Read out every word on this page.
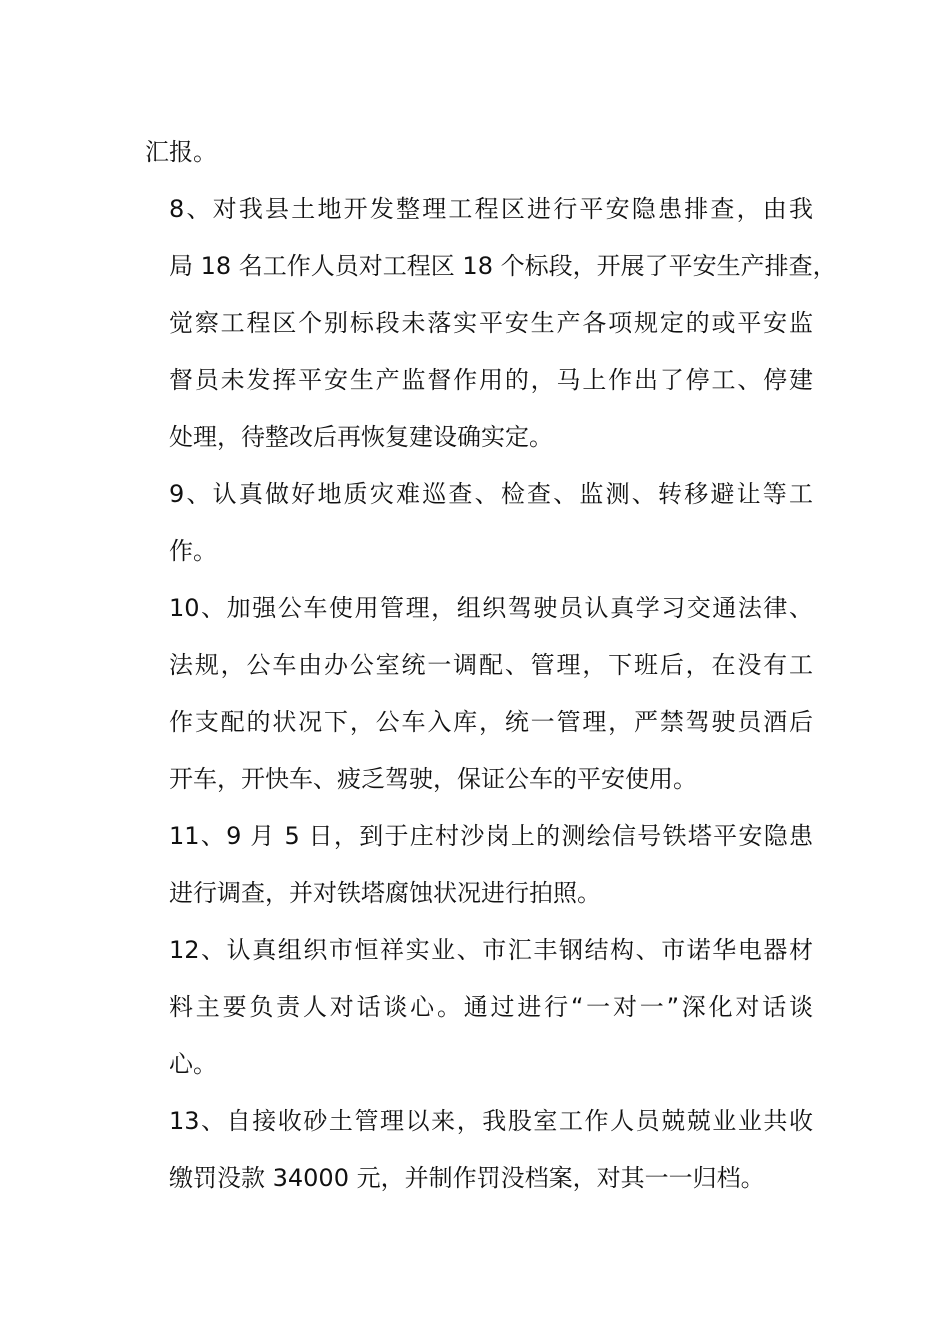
汇报。

8、对我县土地开发整理工程区进行平安隐患排查，由我
局 18 名工作人员对工程区 18 个标段，开展了平安生产排查，
觉察工程区个别标段未落实平安生产各项规定的或平安监
督员未发挥平安生产监督作用的，马上作出了停工、停建
处理，待整改后再恢复建设确实定。

9、认真做好地质灾难巡查、检查、监测、转移避让等工
作。

10、加强公车使用管理，组织驾驶员认真学习交通法律、
法规，公车由办公室统一调配、管理，下班后，在没有工
作支配的状况下，公车入库，统一管理，严禁驾驶员酒后
开车，开快车、疲乏驾驶，保证公车的平安使用。

11、9 月 5 日，到于庄村沙岗上的测绘信号铁塔平安隐患
进行调查，并对铁塔腐蚀状况进行拍照。

12、认真组织市恒祥实业、市汇丰钢结构、市诺华电器材
料主要负责人对话谈心。通过进行“一对一”深化对话谈
心。

13、自接收砂土管理以来，我股室工作人员兢兢业业共收
缴罚没款 34000 元，并制作罚没档案，对其一一归档。
